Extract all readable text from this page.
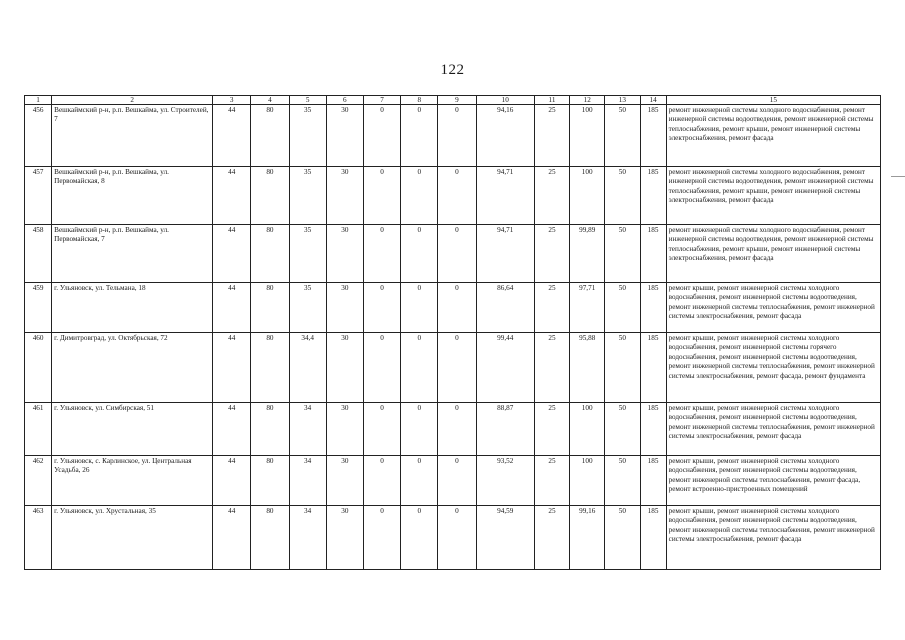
122
1	2	3	4	5	6	7	8	9	10	11	12	13	14	15
456	Вешкаймский р-н, р.п. Вешкайма, ул. Строителей, 7	44	80	35	30	0	0	0	94,16	25	100	50	185	ремонт инженерной системы холодного водоснабжения, ремонт инженерной системы водоотведения, ремонт инженерной системы теплоснабжения, ремонт крыши, ремонт инженерной системы электроснабжения, ремонт фасада
457	Вешкаймский р-н, р.п. Вешкайма, ул. Первомайская, 8	44	80	35	30	0	0	0	94,71	25	100	50	185	ремонт инженерной системы холодного водоснабжения, ремонт инженерной системы водоотведения, ремонт инженерной системы теплоснабжения, ремонт крыши, ремонт инженерной системы электроснабжения, ремонт фасада
458	Вешкаймский р-н, р.п. Вешкайма, ул. Первомайская, 7	44	80	35	30	0	0	0	94,71	25	99,89	50	185	ремонт инженерной системы холодного водоснабжения, ремонт инженерной системы водоотведения, ремонт инженерной системы теплоснабжения, ремонт крыши, ремонт инженерной системы электроснабжения, ремонт фасада
459	г. Ульяновск, ул. Тельмана, 18	44	80	35	30	0	0	0	86,64	25	97,71	50	185	ремонт крыши, ремонт инженерной системы холодного водоснабжения, ремонт инженерной системы водоотведения, ремонт инженерной системы теплоснабжения, ремонт инженерной системы электроснабжения, ремонт фасада
460	г. Димитровград, ул. Октябрьская, 72	44	80	34,4	30	0	0	0	99,44	25	95,88	50	185	ремонт крыши, ремонт инженерной системы холодного водоснабжения, ремонт инженерной системы горячего водоснабжения, ремонт инженерной системы водоотведения, ремонт инженерной системы теплоснабжения, ремонт инженерной системы электроснабжения, ремонт фасада, ремонт фундамента
461	г. Ульяновск, ул. Симбирская, 51	44	80	34	30	0	0	0	88,87	25	100	50	185	ремонт крыши, ремонт инженерной системы холодного водоснабжения, ремонт инженерной системы водоотведения, ремонт инженерной системы теплоснабжения, ремонт инженерной системы электроснабжения, ремонт фасада
462	г. Ульяновск, с. Карлинское, ул. Центральная Усадьба, 26	44	80	34	30	0	0	0	93,52	25	100	50	185	ремонт крыши, ремонт инженерной системы холодного водоснабжения, ремонт инженерной системы водоотведения, ремонт инженерной системы теплоснабжения, ремонт фасада, ремонт встроенно-пристроенных помещений
463	г. Ульяновск, ул. Хрустальная, 35	44	80	34	30	0	0	0	94,59	25	99,16	50	185	ремонт крыши, ремонт инженерной системы холодного водоснабжения, ремонт инженерной системы водоотведения, ремонт инженерной системы теплоснабжения, ремонт инженерной системы электроснабжения, ремонт фасада
